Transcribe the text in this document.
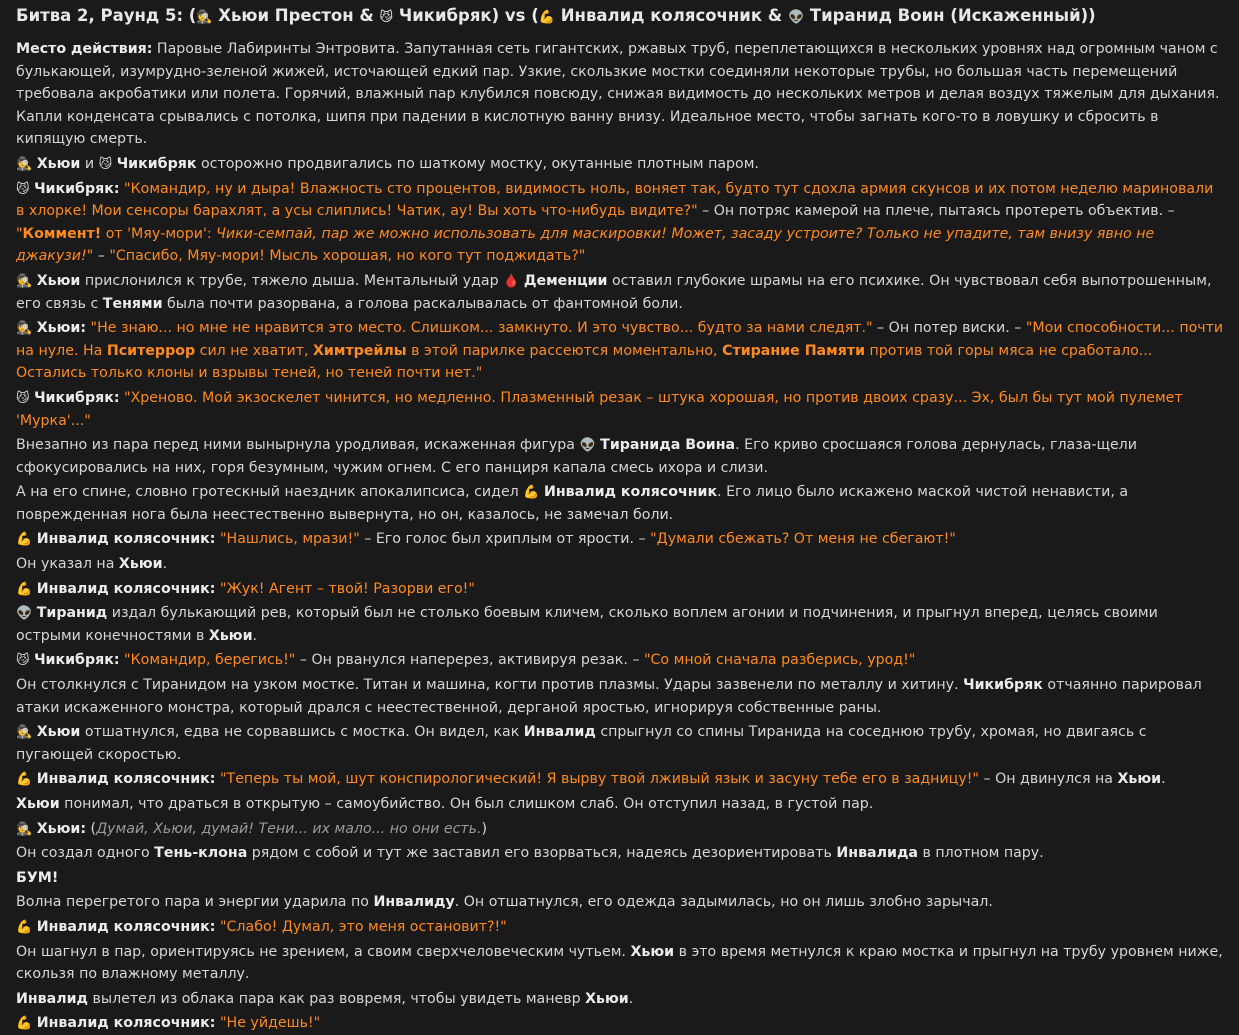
Битва 2, Раунд 5: (🕵 Хьюи Престон & 😼 Чикибряк) vs (💪 Инвалид колясочник & 👽 Тиранид Воин (Искаженный))

Место действия: Паровые Лабиринты Энтровита. Запутанная сеть гигантских, ржавых труб, переплетающихся в нескольких уровнях над огромным чаном с булькающей, изумрудно-зеленой жижей, источающей едкий пар. Узкие, скользкие мостки соединяли некоторые трубы, но большая часть перемещений требовала акробатики или полета. Горячий, влажный пар клубился повсюду, снижая видимость до нескольких метров и делая воздух тяжелым для дыхания. Капли конденсата срывались с потолка, шипя при падении в кислотную ванну внизу. Идеальное место, чтобы загнать кого-то в ловушку и сбросить в кипящую смерть.

🕵 Хьюи и 😼 Чикибряк осторожно продвигались по шаткому мостку, окутанные плотным паром.

😼 Чикибряк: "Командир, ну и дыра! Влажность сто процентов, видимость ноль, воняет так, будто тут сдохла армия скунсов и их потом неделю мариновали в хлорке! Мои сенсоры барахлят, а усы слиплись! Чатик, ау! Вы хоть что-нибудь видите?" – Он потряс камерой на плече, пытаясь протереть объектив. – "Коммент! от 'Мяу-мори': Чики-семпай, пар же можно использовать для маскировки! Может, засаду устроите? Только не упадите, там внизу явно не джакузи!" – "Спасибо, Мяу-мори! Мысль хорошая, но кого тут поджидать?"

🕵 Хьюи прислонился к трубе, тяжело дыша. Ментальный удар 🩸 Деменции оставил глубокие шрамы на его психике. Он чувствовал себя выпотрошенным, его связь с Тенями была почти разорвана, а голова раскалывалась от фантомной боли.

🕵 Хьюи: "Не знаю... но мне не нравится это место. Слишком... замкнуто. И это чувство... будто за нами следят." – Он потер виски. – "Мои способности... почти на нуле. На Пситеррор сил не хватит, Химтрейлы в этой парилке рассеются моментально, Стирание Памяти против той горы мяса не сработало... Остались только клоны и взрывы теней, но теней почти нет."

😼 Чикибряк: "Хреново. Мой экзоскелет чинится, но медленно. Плазменный резак – штука хорошая, но против двоих сразу... Эх, был бы тут мой пулемет 'Мурка'..."

Внезапно из пара перед ними вынырнула уродливая, искаженная фигура 👽 Тиранида Воина. Его криво сросшаяся голова дернулась, глаза-щели сфокусировались на них, горя безумным, чужим огнем. С его панциря капала смесь ихора и слизи.

А на его спине, словно гротескный наездник апокалипсиса, сидел 💪 Инвалид колясочник. Его лицо было искажено маской чистой ненависти, а поврежденная нога была неестественно вывернута, но он, казалось, не замечал боли.

💪 Инвалид колясочник: "Нашлись, мрази!" – Его голос был хриплым от ярости. – "Думали сбежать? От меня не сбегают!"

Он указал на Хьюи.

💪 Инвалид колясочник: "Жук! Агент – твой! Разорви его!"

👽 Тиранид издал булькающий рев, который был не столько боевым кличем, сколько воплем агонии и подчинения, и прыгнул вперед, целясь своими острыми конечностями в Хьюи.

😼 Чикибряк: "Командир, берегись!" – Он рванулся наперерез, активируя резак. – "Со мной сначала разберись, урод!"

Он столкнулся с Тиранидом на узком мостке. Титан и машина, когти против плазмы. Удары зазвенели по металлу и хитину. Чикибряк отчаянно парировал атаки искаженного монстра, который дрался с неестественной, дерганой яростью, игнорируя собственные раны.

🕵 Хьюи отшатнулся, едва не сорвавшись с мостка. Он видел, как Инвалид спрыгнул со спины Тиранида на соседнюю трубу, хромая, но двигаясь с пугающей скоростью.

💪 Инвалид колясочник: "Теперь ты мой, шут конспирологический! Я вырву твой лживый язык и засуну тебе его в задницу!" – Он двинулся на Хьюи.

Хьюи понимал, что драться в открытую – самоубийство. Он был слишком слаб. Он отступил назад, в густой пар.

🕵 Хьюи: (Думай, Хьюи, думай! Тени... их мало... но они есть.)

Он создал одного Тень-клона рядом с собой и тут же заставил его взорваться, надеясь дезориентировать Инвалида в плотном пару.

БУМ!

Волна перегретого пара и энергии ударила по Инвалиду. Он отшатнулся, его одежда задымилась, но он лишь злобно зарычал.

💪 Инвалид колясочник: "Слабо! Думал, это меня остановит?!"

Он шагнул в пар, ориентируясь не зрением, а своим сверхчеловеческим чутьем. Хьюи в это время метнулся к краю мостка и прыгнул на трубу уровнем ниже, скользя по влажному металлу.

Инвалид вылетел из облака пара как раз вовремя, чтобы увидеть маневр Хьюи.

💪 Инвалид колясочник: "Не уйдешь!"
